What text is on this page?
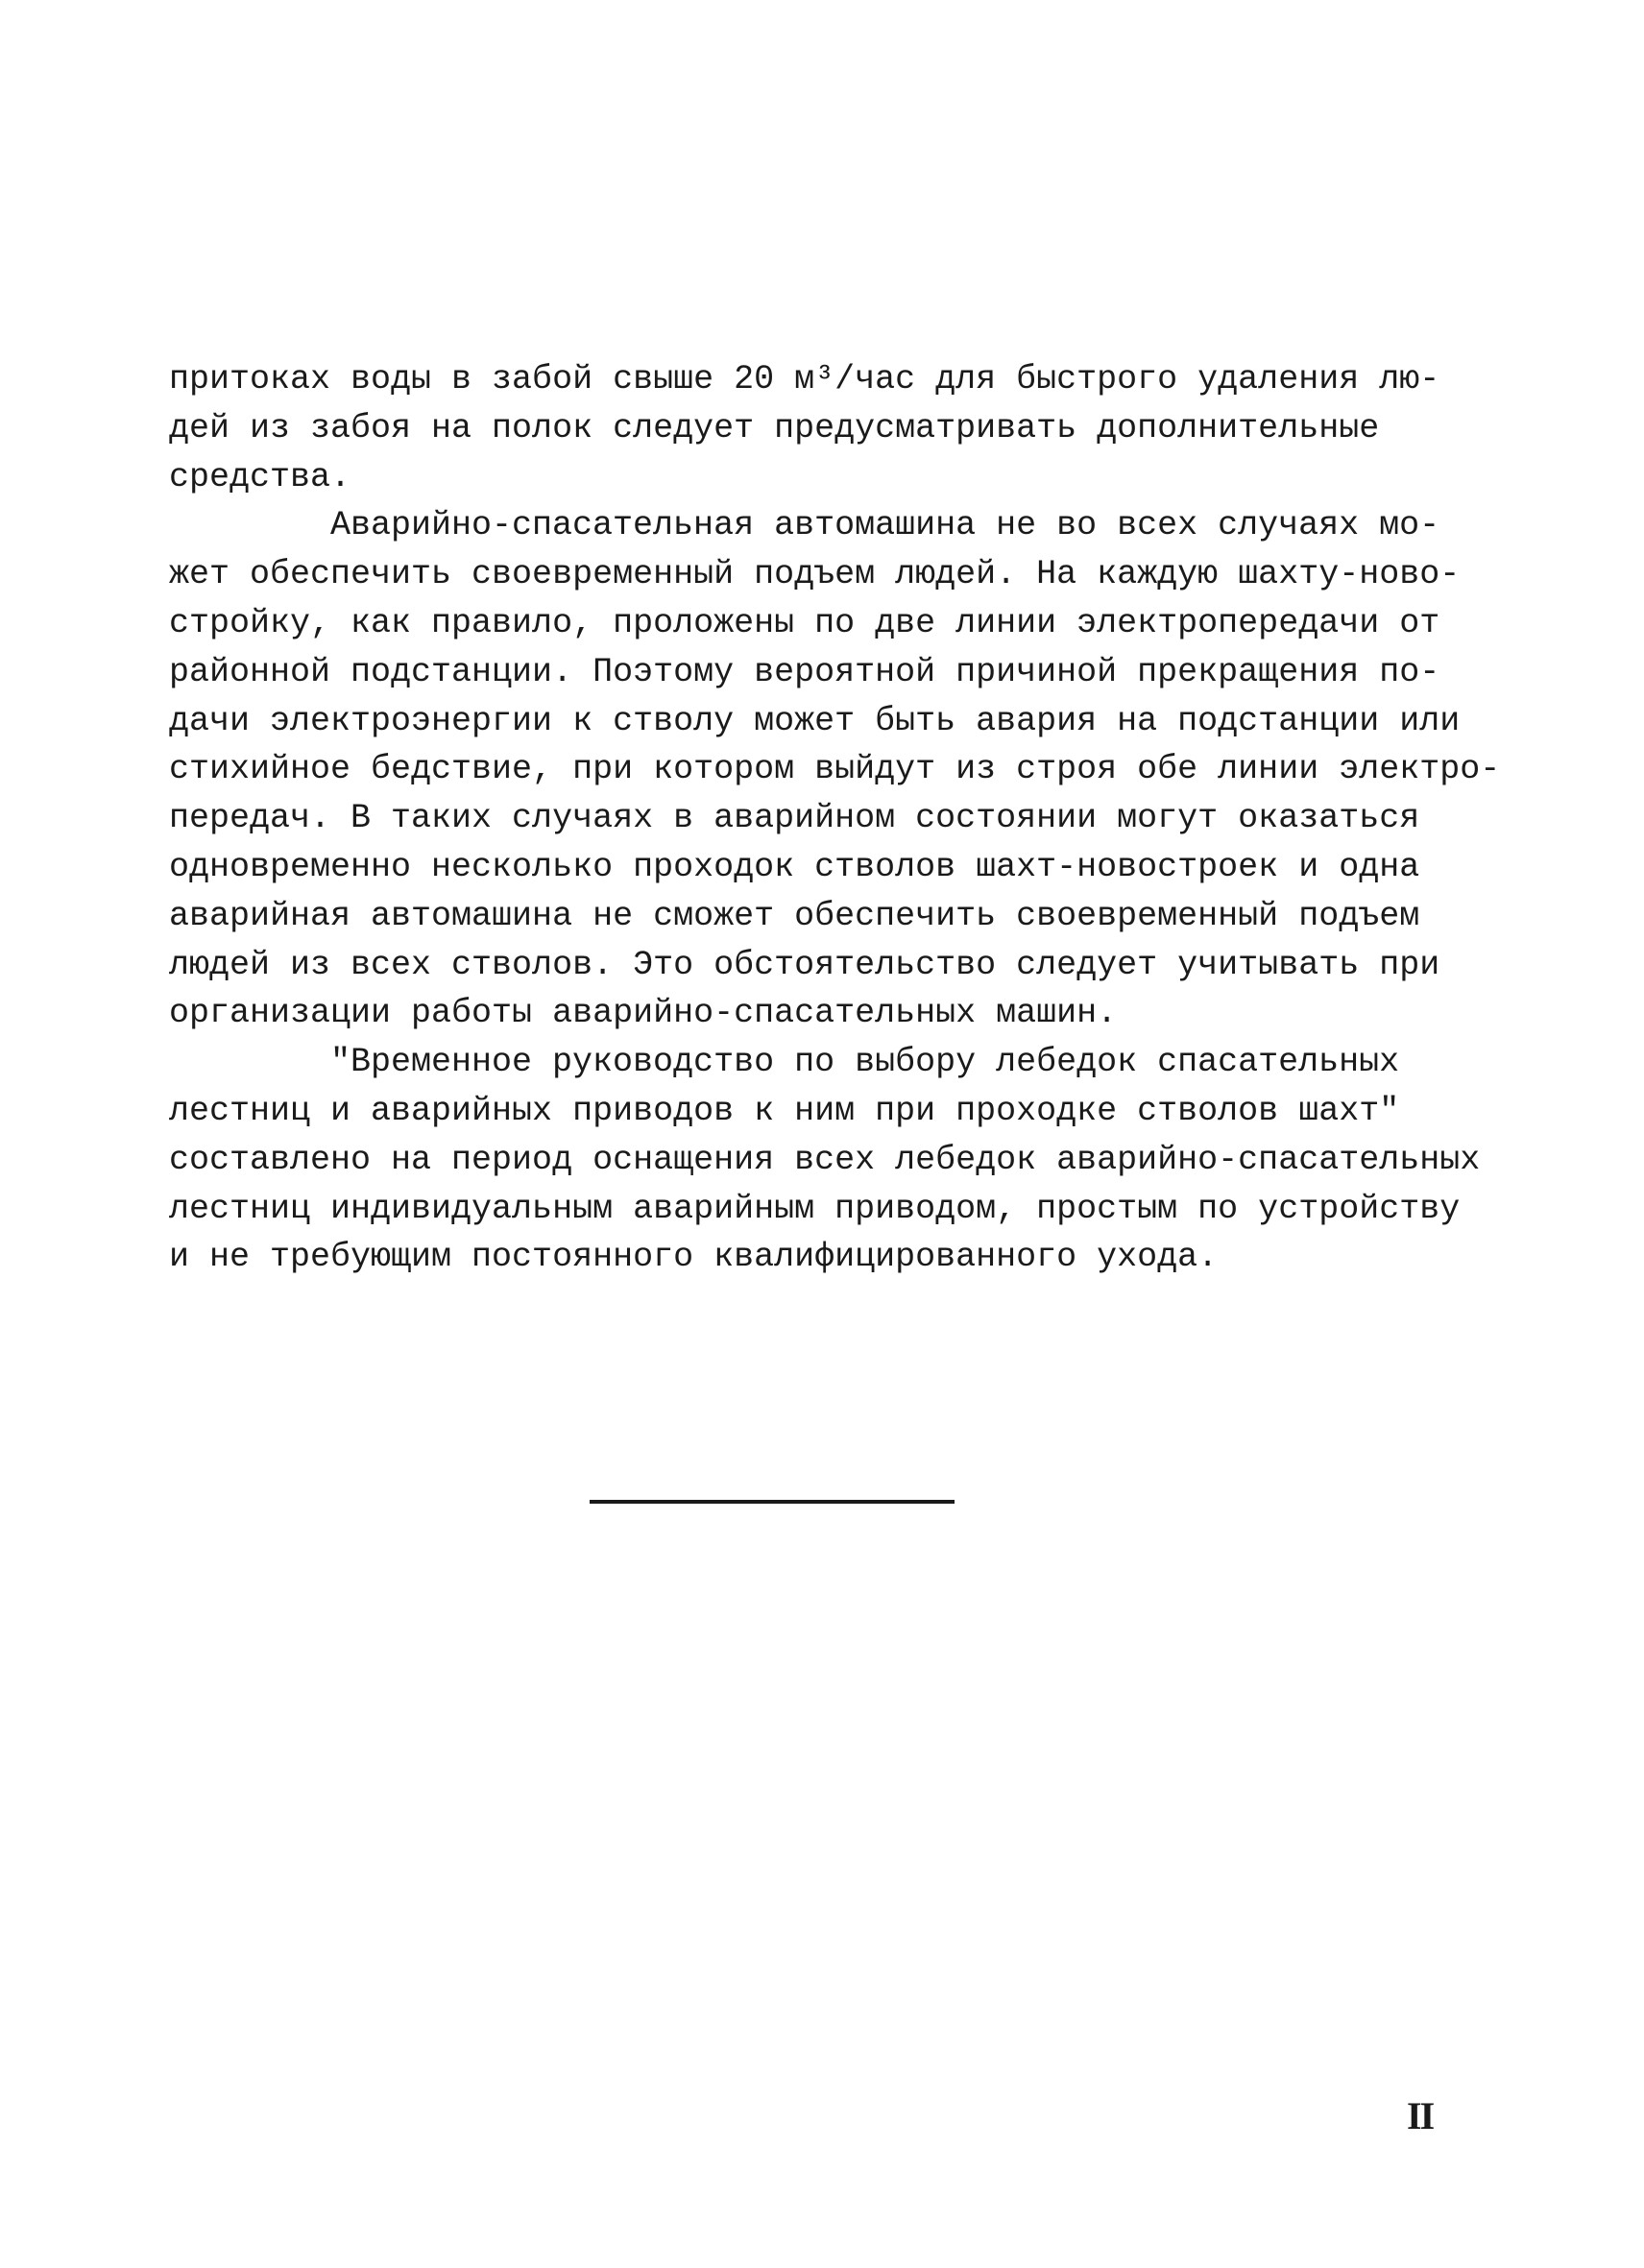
притоках воды в забой свыше 20 м³/час для быстрого удаления лю-
дей из забоя на полок следует предусматривать дополнительные
средства.
Аварийно-спасательная автомашина не во всех случаях мо-
жет обеспечить своевременный подъем людей. На каждую шахту-ново-
стройку, как правило, проложены по две линии электропередачи от
районной подстанции. Поэтому вероятной причиной прекращения по-
дачи электроэнергии к стволу может быть авария на подстанции или
стихийное бедствие, при котором выйдут из строя обе линии электро-
передач. В таких случаях в аварийном состоянии могут оказаться
одновременно несколько проходок стволов шахт-новостроек и одна
аварийная автомашина не сможет обеспечить своевременный подъем
людей из всех стволов. Это обстоятельство следует учитывать при
организации работы аварийно-спасательных машин.
"Временное руководство по выбору лебедок спасательных
лестниц и аварийных приводов к ним при проходке стволов шахт"
составлено на период оснащения всех лебедок аварийно-спасательных
лестниц индивидуальным аварийным приводом, простым по устройству
и не требующим постоянного квалифицированного ухода.
II
